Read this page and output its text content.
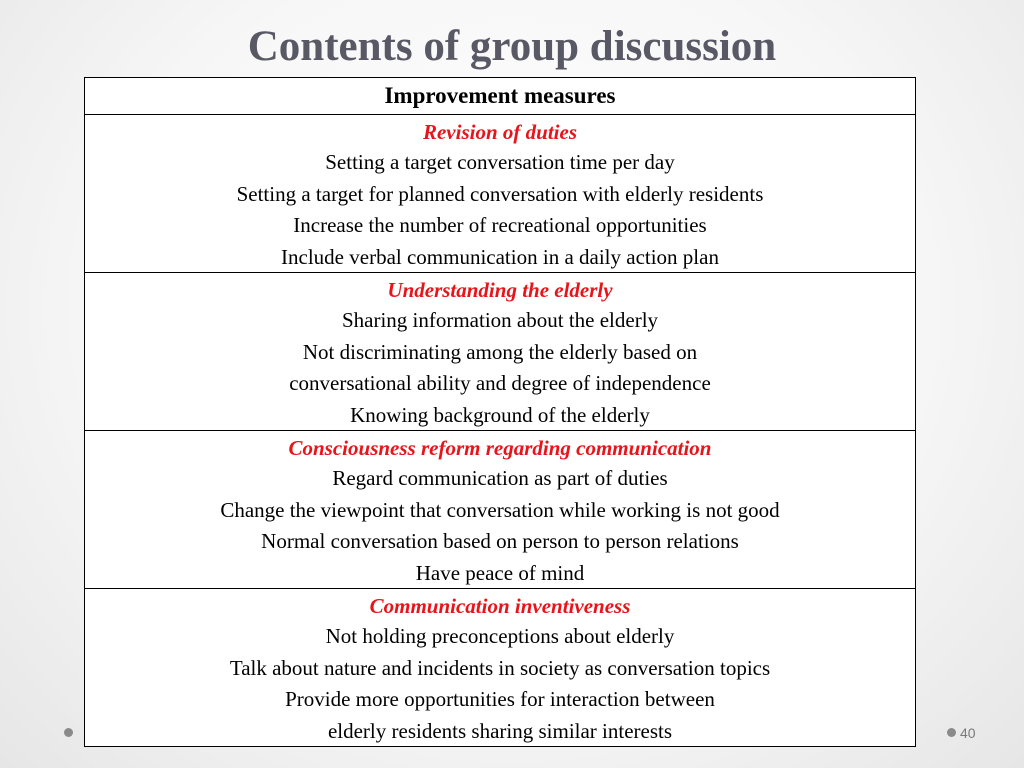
Contents of group discussion
Improvement measures
Revision of duties
Setting a target conversation time per day
Setting a target for planned conversation with elderly residents
Increase the number of recreational opportunities
Include verbal communication in a daily action plan
Understanding the elderly
Sharing information about the elderly
Not discriminating among the elderly based on
conversational ability and degree of independence
Knowing background of the elderly
Consciousness reform regarding communication
Regard communication as part of duties
Change the viewpoint that conversation while working is not good
Normal conversation based on person to person relations
Have peace of mind
Communication inventiveness
Not holding preconceptions about elderly
Talk about nature and incidents in society as conversation topics
Provide more opportunities for interaction between
elderly residents sharing similar interests	40
